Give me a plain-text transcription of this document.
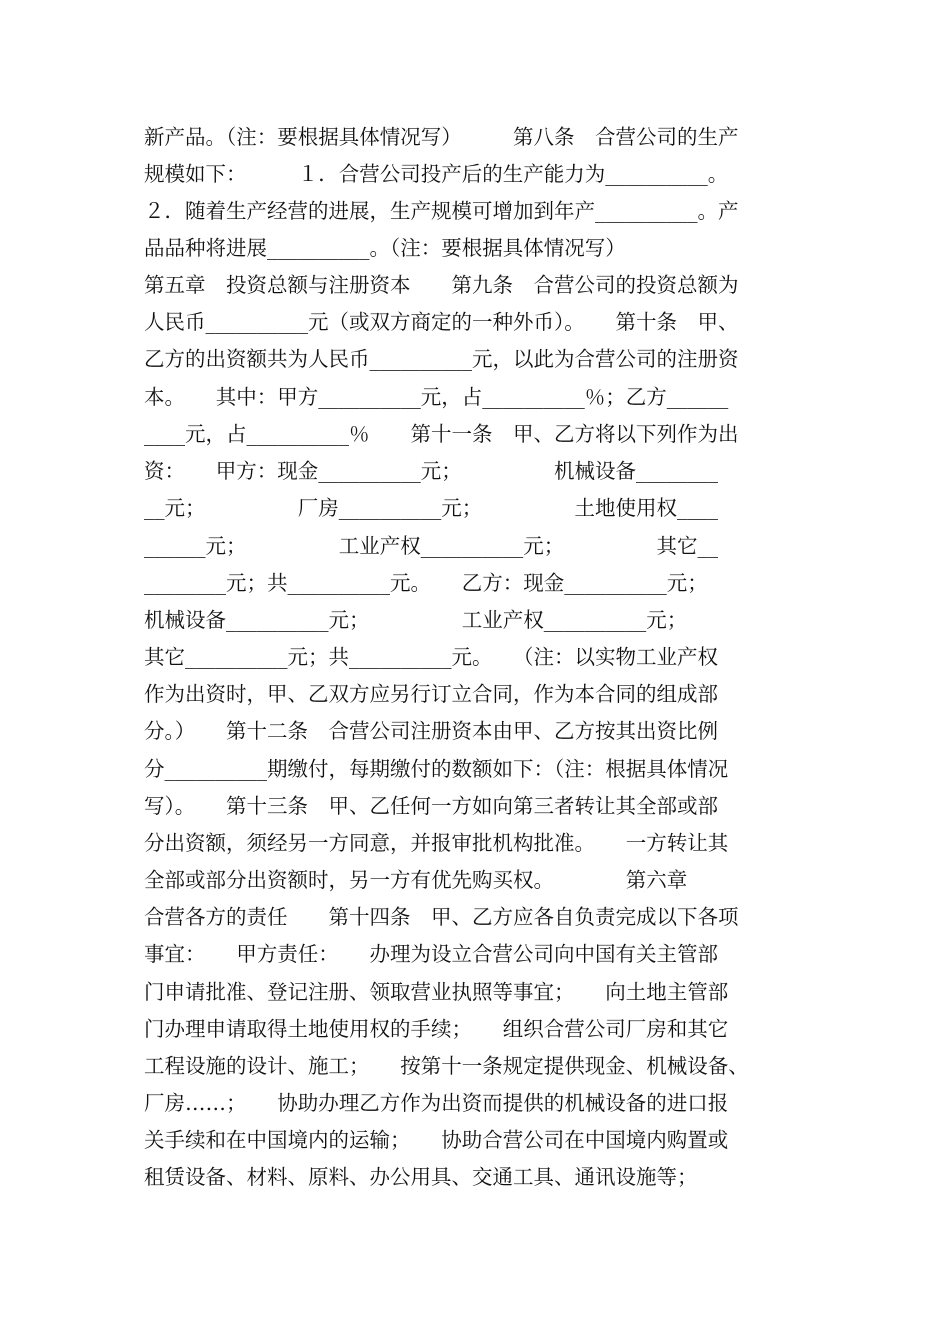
新产品。（注：要根据具体情况写）　　　第八条　合营公司的生产
规模如下：　　　１．合营公司投产后的生产能力为__________。
２．随着生产经营的进展，生产规模可增加到年产__________。产
品品种将进展__________。（注：要根据具体情况写）
第五章　投资总额与注册资本　　第九条　合营公司的投资总额为
人民币__________元（或双方商定的一种外币）。　　第十条　甲、
乙方的出资额共为人民币__________元，以此为合营公司的注册资
本。　　其中：甲方__________元，占__________％；乙方______
____元，占__________％　　第十一条　甲、乙方将以下列作为出
资：　　甲方：现金__________元；　　　　　机械设备________
__元；　　　　　厂房__________元；　　　　　土地使用权____
______元；　　　　　工业产权__________元；　　　　　其它__
________元；共__________元。　　乙方：现金__________元；
机械设备__________元；　　　　　工业产权__________元；
其它__________元；共__________元。　　（注：以实物工业产权
作为出资时，甲、乙双方应另行订立合同，作为本合同的组成部
分。）　　第十二条　合营公司注册资本由甲、乙方按其出资比例
分__________期缴付，每期缴付的数额如下：（注：根据具体情况
写）。　　第十三条　甲、乙任何一方如向第三者转让其全部或部
分出资额，须经另一方同意，并报审批机构批准。　　一方转让其
全部或部分出资额时，另一方有优先购买权。　　　　第六章
合营各方的责任　　第十四条　甲、乙方应各自负责完成以下各项
事宜：　　甲方责任：　　办理为设立合营公司向中国有关主管部
门申请批准、登记注册、领取营业执照等事宜；　　向土地主管部
门办理申请取得土地使用权的手续；　　组织合营公司厂房和其它
工程设施的设计、施工；　　按第十一条规定提供现金、机械设备、
厂房……；　　协助办理乙方作为出资而提供的机械设备的进口报
关手续和在中国境内的运输；　　协助合营公司在中国境内购置或
租赁设备、材料、原料、办公用具、交通工具、通讯设施等；
